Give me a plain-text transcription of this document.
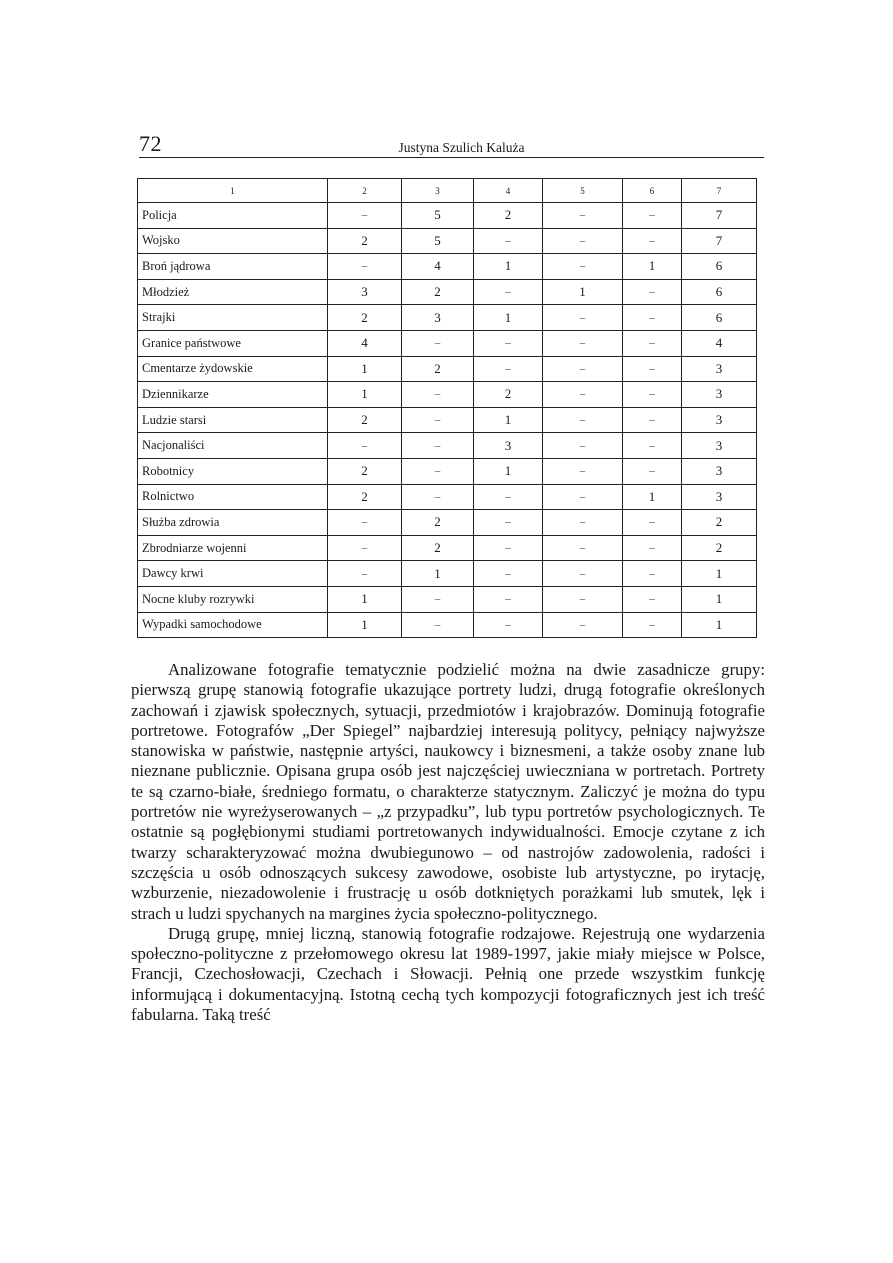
72	Justyna Szulich Kaluża
1	2	3	4	5	6	7
Policja	–	5	2	–	–	7
Wojsko	2	5	–	–	–	7
Broń jądrowa	–	4	1	–	1	6
Młodzież	3	2	–	1	–	6
Strajki	2	3	1	–	–	6
Granice państwowe	4	–	–	–	–	4
Cmentarze żydowskie	1	2	–	–	–	3
Dziennikarze	1	–	2	–	–	3
Ludzie starsi	2	–	1	–	–	3
Nacjonaliści	–	–	3	–	–	3
Robotnicy	2	–	1	–	–	3
Rolnictwo	2	–	–	–	1	3
Służba zdrowia	–	2	–	–	–	2
Zbrodniarze wojenni	–	2	–	–	–	2
Dawcy krwi	–	1	–	–	–	1
Nocne kluby rozrywki	1	–	–	–	–	1
Wypadki samochodowe	1	–	–	–	–	1

Analizowane fotografie tematycznie podzielić można na dwie zasadnicze grupy: pierwszą grupę stanowią fotografie ukazujące portrety ludzi, drugą fotografie określonych zachowań i zjawisk społecznych, sytuacji, przedmiotów i krajobrazów. Dominują fotografie portretowe. Fotografów „Der Spiegel” najbardziej interesują politycy, pełniący najwyższe stanowiska w państwie, następnie artyści, naukowcy i biznesmeni, a także osoby znane lub nieznane publicznie. Opisana grupa osób jest najczęściej uwieczniana w portretach. Portrety te są czarno-białe, średniego formatu, o charakterze statycznym. Zaliczyć je można do typu portretów nie wyreżyserowanych – „z przypadku”, lub typu portretów psychologicznych. Te ostatnie są pogłębionymi studiami portretowanych indywidualności. Emocje czytane z ich twarzy scharakteryzować można dwubiegunowo – od nastrojów zadowolenia, radości i szczęścia u osób odnoszących sukcesy zawodowe, osobiste lub artystyczne, po irytację, wzburzenie, niezadowolenie i frustrację u osób dotkniętych porażkami lub smutek, lęk i strach u ludzi spychanych na margines życia społeczno-politycznego.

Drugą grupę, mniej liczną, stanowią fotografie rodzajowe. Rejestrują one wydarzenia społeczno-polityczne z przełomowego okresu lat 1989-1997, jakie miały miejsce w Polsce, Francji, Czechosłowacji, Czechach i Słowacji. Pełnią one przede wszystkim funkcję informującą i dokumentacyjną. Istotną cechą tych kompozycji fotograficznych jest ich treść fabularna. Taką treść
